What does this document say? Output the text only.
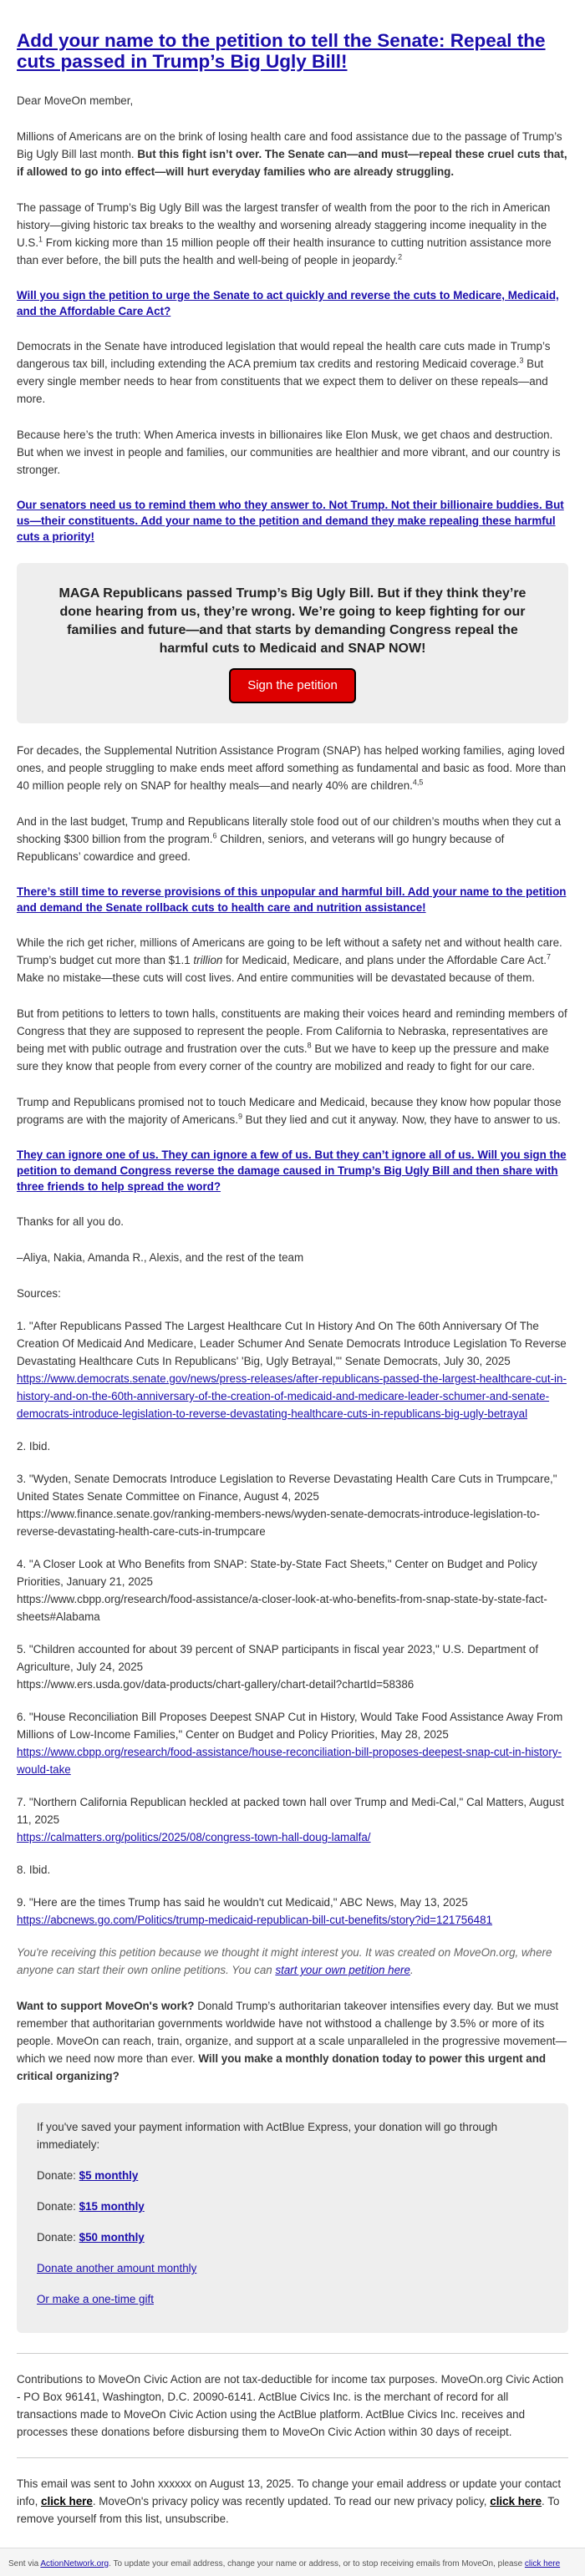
Add your name to the petition to tell the Senate: Repeal the cuts passed in Trump’s Big Ugly Bill!

Dear MoveOn member,

Millions of Americans are on the brink of losing health care and food assistance due to the passage of Trump’s Big Ugly Bill last month. But this fight isn’t over. The Senate can—and must—repeal these cruel cuts that, if allowed to go into effect—will hurt everyday families who are already struggling.

The passage of Trump’s Big Ugly Bill was the largest transfer of wealth from the poor to the rich in American history—giving historic tax breaks to the wealthy and worsening already staggering income inequality in the U.S.$^1$ From kicking more than 15 million people off their health insurance to cutting nutrition assistance more than ever before, the bill puts the health and well-being of people in jeopardy.$^2$

Will you sign the petition to urge the Senate to act quickly and reverse the cuts to Medicare, Medicaid, and the Affordable Care Act?

Democrats in the Senate have introduced legislation that would repeal the health care cuts made in Trump’s dangerous tax bill, including extending the ACA premium tax credits and restoring Medicaid coverage.$^3$ But every single member needs to hear from constituents that we expect them to deliver on these repeals—and more.

Because here’s the truth: When America invests in billionaires like Elon Musk, we get chaos and destruction. But when we invest in people and families, our communities are healthier and more vibrant, and our country is stronger.

Our senators need us to remind them who they answer to. Not Trump. Not their billionaire buddies. But us—their constituents. Add your name to the petition and demand they make repealing these harmful cuts a priority!

MAGA Republicans passed Trump’s Big Ugly Bill. But if they think they’re done hearing from us, they’re wrong. We’re going to keep fighting for our families and future—and that starts by demanding Congress repeal the harmful cuts to Medicaid and SNAP NOW!
Sign the petition

For decades, the Supplemental Nutrition Assistance Program (SNAP) has helped working families, aging loved ones, and people struggling to make ends meet afford something as fundamental and basic as food. More than 40 million people rely on SNAP for healthy meals—and nearly 40% are children.$^{4,5}$

And in the last budget, Trump and Republicans literally stole food out of our children’s mouths when they cut a shocking $300 billion from the program.$^6$ Children, seniors, and veterans will go hungry because of Republicans’ cowardice and greed.

There’s still time to reverse provisions of this unpopular and harmful bill. Add your name to the petition and demand the Senate rollback cuts to health care and nutrition assistance!

While the rich get richer, millions of Americans are going to be left without a safety net and without health care. Trump’s budget cut more than $1.1 trillion for Medicaid, Medicare, and plans under the Affordable Care Act.$^7$ Make no mistake—these cuts will cost lives. And entire communities will be devastated because of them.

But from petitions to letters to town halls, constituents are making their voices heard and reminding members of Congress that they are supposed to represent the people. From California to Nebraska, representatives are being met with public outrage and frustration over the cuts.$^8$ But we have to keep up the pressure and make sure they know that people from every corner of the country are mobilized and ready to fight for our care.

Trump and Republicans promised not to touch Medicare and Medicaid, because they know how popular those programs are with the majority of Americans.$^9$ But they lied and cut it anyway. Now, they have to answer to us.

They can ignore one of us. They can ignore a few of us. But they can’t ignore all of us. Will you sign the petition to demand Congress reverse the damage caused in Trump’s Big Ugly Bill and then share with three friends to help spread the word?

Thanks for all you do.

–Aliya, Nakia, Amanda R., Alexis, and the rest of the team

Sources:

1. "After Republicans Passed The Largest Healthcare Cut In History And On The 60th Anniversary Of The Creation Of Medicaid And Medicare, Leader Schumer And Senate Democrats Introduce Legislation To Reverse Devastating Healthcare Cuts In Republicans' 'Big, Ugly Betrayal,'" Senate Democrats, July 30, 2025
https://www.democrats.senate.gov/news/press-releases/after-republicans-passed-the-largest-healthcare-cut-in-history-and-on-the-60th-anniversary-of-the-creation-of-medicaid-and-medicare-leader-schumer-and-senate-democrats-introduce-legislation-to-reverse-devastating-healthcare-cuts-in-republicans-big-ugly-betrayal
2. Ibid.
3. "Wyden, Senate Democrats Introduce Legislation to Reverse Devastating Health Care Cuts in Trumpcare," United States Senate Committee on Finance, August 4, 2025
https://www.finance.senate.gov/ranking-members-news/wyden-senate-democrats-introduce-legislation-to-reverse-devastating-health-care-cuts-in-trumpcare
4. "A Closer Look at Who Benefits from SNAP: State-by-State Fact Sheets," Center on Budget and Policy Priorities, January 21, 2025
https://www.cbpp.org/research/food-assistance/a-closer-look-at-who-benefits-from-snap-state-by-state-fact-sheets#Alabama
5. "Children accounted for about 39 percent of SNAP participants in fiscal year 2023," U.S. Department of Agriculture, July 24, 2025
https://www.ers.usda.gov/data-products/chart-gallery/chart-detail?chartId=58386
6. "House Reconciliation Bill Proposes Deepest SNAP Cut in History, Would Take Food Assistance Away From Millions of Low-Income Families," Center on Budget and Policy Priorities, May 28, 2025
https://www.cbpp.org/research/food-assistance/house-reconciliation-bill-proposes-deepest-snap-cut-in-history-would-take
7. "Northern California Republican heckled at packed town hall over Trump and Medi-Cal," Cal Matters, August 11, 2025
https://calmatters.org/politics/2025/08/congress-town-hall-doug-lamalfa/
8. Ibid.
9. "Here are the times Trump has said he wouldn't cut Medicaid," ABC News, May 13, 2025
https://abcnews.go.com/Politics/trump-medicaid-republican-bill-cut-benefits/story?id=121756481

You're receiving this petition because we thought it might interest you. It was created on MoveOn.org, where anyone can start their own online petitions. You can start your own petition here.

Want to support MoveOn's work? Donald Trump’s authoritarian takeover intensifies every day. But we must remember that authoritarian governments worldwide have not withstood a challenge by 3.5% or more of its people. MoveOn can reach, train, organize, and support at a scale unparalleled in the progressive movement—which we need now more than ever. Will you make a monthly donation today to power this urgent and critical organizing?

If you've saved your payment information with ActBlue Express, your donation will go through immediately:

Donate: $5 monthly

Donate: $15 monthly

Donate: $50 monthly

Donate another amount monthly

Or make a one-time gift

Contributions to MoveOn Civic Action are not tax-deductible for income tax purposes. MoveOn.org Civic Action - PO Box 96141, Washington, D.C. 20090-6141. ActBlue Civics Inc. is the merchant of record for all transactions made to MoveOn Civic Action using the ActBlue platform. ActBlue Civics Inc. receives and processes these donations before disbursing them to MoveOn Civic Action within 30 days of receipt.
This email was sent to John xxxxxx on August 13, 2025. To change your email address or update your contact info, click here. MoveOn's privacy policy was recently updated. To read our new privacy policy, click here. To remove yourself from this list, unsubscribe.
Sent via ActionNetwork.org. To update your email address, change your name or address, or to stop receiving emails from MoveOn, please click here
